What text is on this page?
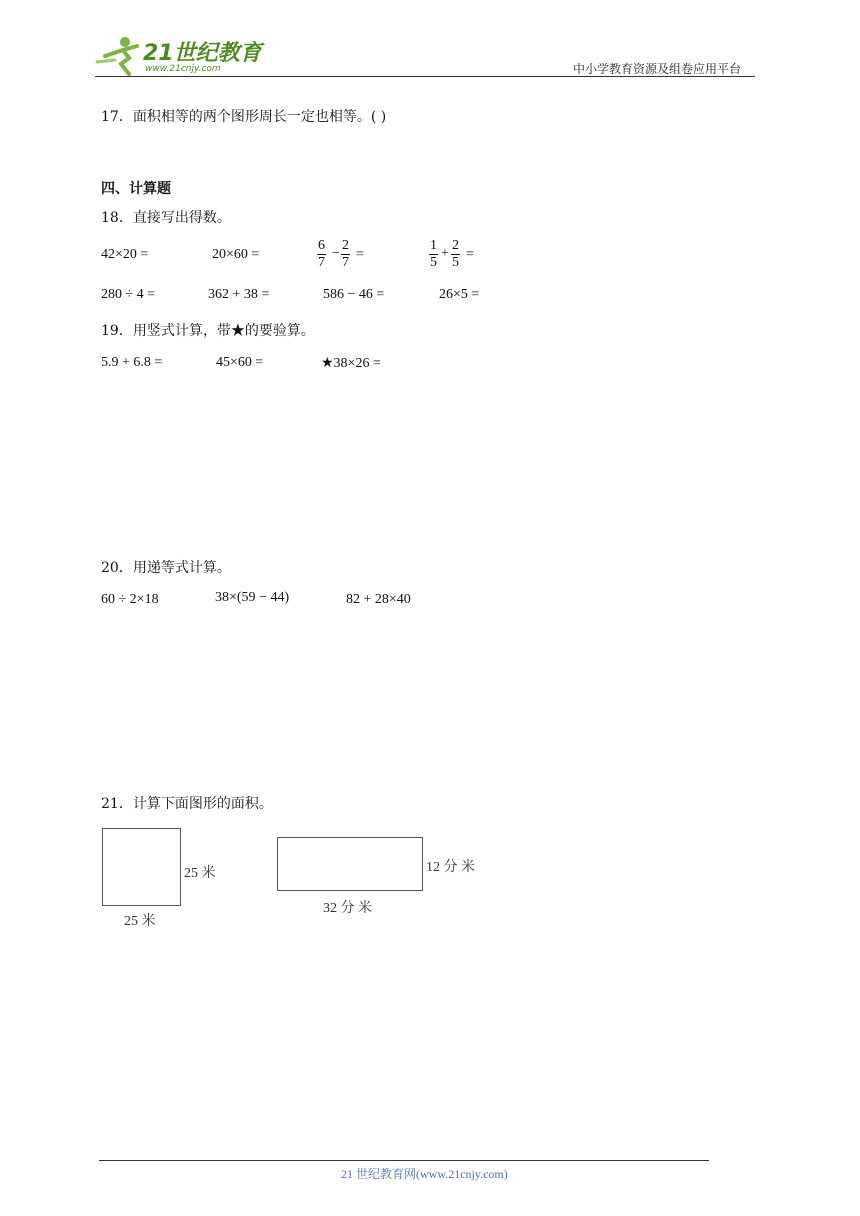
21世纪教育
www.21cnjy.com	中小学教育资源及组卷应用平台
17．面积相等的两个图形周长一定也相等。( )
四、计算题
18．直接写出得数。
42×20 =	20×60 =	$\frac{6}{7} - \frac{2}{7}$ =	$\frac{1}{5} + \frac{2}{5}$ =
280 ÷ 4 =	362 + 38 =	586 − 46 =	26×5 =
19．用竖式计算，带★的要验算。
5.9 + 6.8 =	45×60 =	★38×26 =
20．用递等式计算。
60 ÷ 2×18	38×(59 − 44)	82 + 28×40
21．计算下面图形的面积。
25 米
25 米
12 分 米
32 分 米
21 世纪教育网(www.21cnjy.com)
